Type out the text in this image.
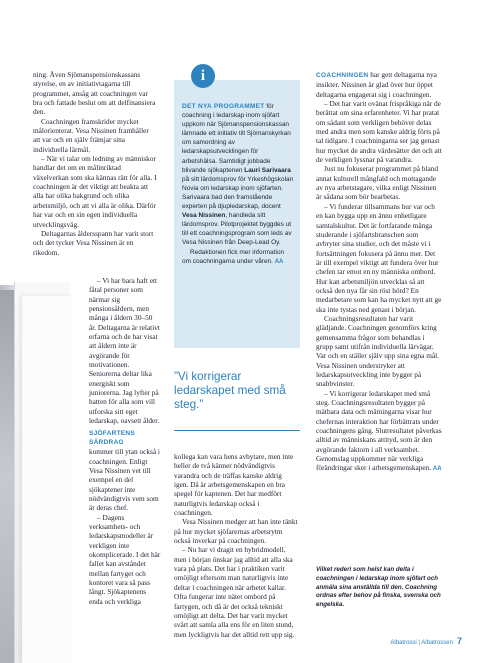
ning. Även Sjömanspensionskassans styrelse, en av initiativtagarna till programmet, ansåg att coachningen var bra och fattade beslut om att delfinansiera den.

Coachningen framskrider mycket målorienterat. Vesa Nissinen framhåller att var och en själv främjar sina individuella lärmål.

– När vi talar om ledning av människor handlar det om en målinriktad växelverkan som ska kännas rätt för alla. I coachningen är det viktigt att beakta att alla har olika bakgrund och olika arbetsmiljö, och att vi alla är olika. Därför har var och en sin egen individuella utvecklingsväg.

Deltagarnas åldersspann har varit stort och det tycker Vesa Nissinen är en rikedom.

– Vi har bara haft ett fåtal personer som närmar sig pensionsåldern, men många i åldern 30–50 år. Deltagarna är relativt erfarna och de har visat att åldern inte är avgörande för motivationen. Seniorerna deltar lika energiskt som juniorerna. Jag lyfter på hatten för alla som vill utforska sitt eget ledarskap, oavsett ålder.

SJÖFARTENS SÄRDRAG

kommer till ytan också i coachningen. Enligt Vesa Nissinen vet till exempel en del sjökaptener inte nödvändigtvis vem som är deras chef.

– Dagens verksamhets- och ledarskapsmodeller är verkligen inte okomplicerade. I det här fallet kan avståndet mellan fartyget och kontoret vara så pass långt. Sjökaptenens enda och verkliga

DET NYA PROGRAMMET för coachning i ledarskap inom sjöfart uppkom när Sjömanspensionskassan lämnade ett initiativ till Sjömanskyrkan om samordning av ledarskapsutvecklingen för arbetshälsa. Samtidigt jobbade blivande sjökaptenen Lauri Sarivaara på sitt lärdomsprov för Yrkeshögskolan Novia om ledarskap inom sjöfarten. Sarivaara bad den framstående experten på djupledarskap, docent Vesa Nissinen, handleda sitt lärdomsprov. Pilotprojektet byggdes ut till ett coachningsprogram som leds av Vesa Nissinen från Deep-Lead Oy.

Redaktionen fick mer information om coachningarna under våren. AA

i
”Vi korrigerar ledarskapet med små steg.”

kollega kan vara hens avbytare, men inte heller de två känner nödvändigtvis varandra och de träffas kanske aldrig igen. Då är arbetsgemenskapen en bra spegel för kaptenen. Det har medfört naturligtvis ledarskap också i coachningen.

Vesa Nissinen medger att han inte tänkt på hur mycket sjöfarernas arbetsrytm också inverkar på coachningen.

– Nu har vi dragit en hybridmodell, men i början önskar jag alltid att alla ska vara på plats. Det har i praktiken varit omöjligt eftersom man naturligtvis inte deltar i coachningen när arbetet kallar. Ofta fungerar inte nätet ombord på fartygen, och då är det också tekniskt omöjligt att delta. Det har varit mycket svårt att samla alla ens för en liten stund, men lyckligtvis har det alltid rett upp sig.

COACHNINGEN har gett deltagarna nya insikter. Nissinen är glad över hur öppet deltagarna engagerat sig i coachningen.

– Det har varit ovänat frispråkiga när de berättat om sina erfarenheter. Vi har pratat om sådant som verkligen behöver delas med andra men som kanske aldrig förts på tal tidigare. I coachningarna ser jag genast hur mycket de andra värdesätter det och att de verkligen lyssnar på varandra.

Just nu fokuserar programmet på bland annat kulturell mångfald och mottagande av nya arbetstagare, vilka enligt Nissinen är sådana som bör bearbetas.

– Vi funderar tillsammans hur var och en kan bygga upp en ännu enhetligare samtalskultur. Det är fortfarande många studerande i sjöfartsbranschen som avbryter sina studier, och det måste vi i fortsättningen fokusera på ännu mer. Det är till exempel viktigt att fundera över hur chefen tar emot en ny människa ombord. Hur kan arbetsmiljön utvecklas så att också den nya får sin röst hörd? En medarbetare som kan ha mycket nytt att ge ska inte tystas ned genast i början.

Coachningsresultaten har varit glädjande. Coachningen genomförs kring gemensamma frågor som behandlas i grupp samt utifrån individuella lärvägar. Var och en ställer själv upp sina egna mål. Vesa Nissinen understryker att ledarskapsutveckling inte bygger på snabbvinster.

– Vi korrigerar ledarskapet med små steg. Coachningsresultaten bygger på mätbara data och mätningarna visar hur chefernas interaktion har förbättrats under coachningens gång. Slutresultatet påverkas alltid av människans attityd, som är den avgörande faktorn i all verksamhet. Genomslag uppkommer när verkliga förändringar sker i arbetsgemenskapen. AA

Vilket rederi som helst kan delta i coachningen i ledarskap inom sjöfart och anmäla sina anställda till den. Coachning ordnas efter behov på finska, svenska och engelska.
Albatrossi | Albatrossen 7
